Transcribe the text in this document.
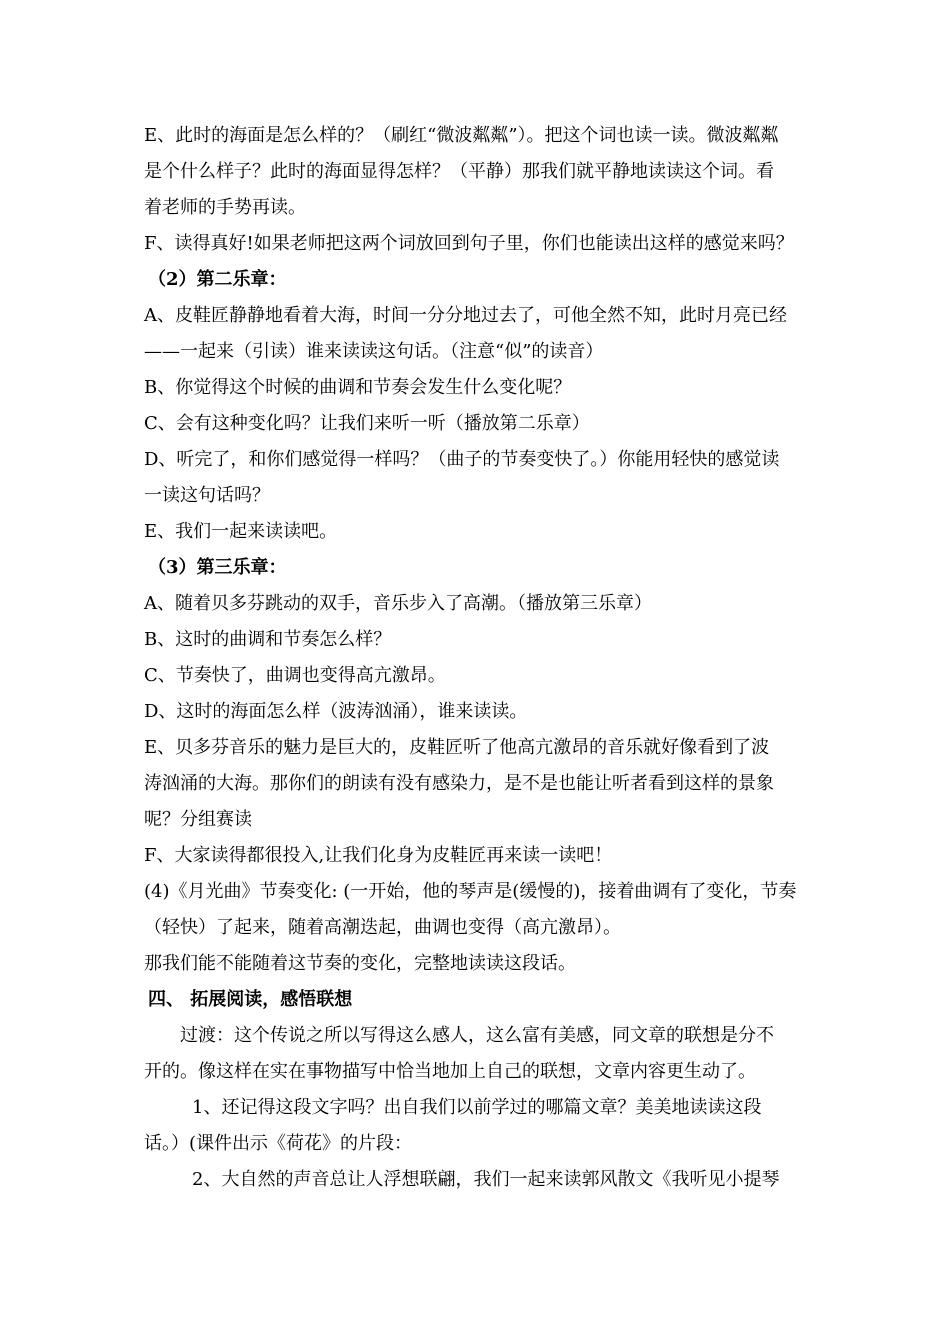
E、此时的海面是怎么样的？（刷红“微波粼粼”）。把这个词也读一读。微波粼粼

是个什么样子？此时的海面显得怎样？（平静）那我们就平静地读读这个词。看

着老师的手势再读。

F、读得真好!如果老师把这两个词放回到句子里，你们也能读出这样的感觉来吗？

（2）第二乐章：

A、皮鞋匠静静地看着大海，时间一分分地过去了，可他全然不知，此时月亮已经

——一起来（引读）谁来读读这句话。（注意“似”的读音）

B、你觉得这个时候的曲调和节奏会发生什么变化呢？

C、会有这种变化吗？让我们来听一听（播放第二乐章）

D、听完了，和你们感觉得一样吗？（曲子的节奏变快了。）你能用轻快的感觉读

一读这句话吗？

E、我们一起来读读吧。

（3）第三乐章：

A、随着贝多芬跳动的双手，音乐步入了高潮。（播放第三乐章）

B、这时的曲调和节奏怎么样？

C、节奏快了，曲调也变得高亢激昂。

D、这时的海面怎么样（波涛汹涌），谁来读读。

E、贝多芬音乐的魅力是巨大的，皮鞋匠听了他高亢激昂的音乐就好像看到了波

涛汹涌的大海。那你们的朗读有没有感染力，是不是也能让听者看到这样的景象

呢？分组赛读

F、大家读得都很投入,让我们化身为皮鞋匠再来读一读吧！

(4)《月光曲》节奏变化: (一开始，他的琴声是(缓慢的)，接着曲调有了变化，节奏

（轻快）了起来，随着高潮迭起，曲调也变得（高亢激昂）。

那我们能不能随着这节奏的变化，完整地读读这段话。

四、 拓展阅读，感悟联想

过渡：这个传说之所以写得这么感人，这么富有美感，同文章的联想是分不

开的。像这样在实在事物描写中恰当地加上自己的联想，文章内容更生动了。

1、还记得这段文字吗？出自我们以前学过的哪篇文章？美美地读读这段

话。）(课件出示《荷花》的片段：

2、大自然的声音总让人浮想联翩，我们一起来读郭风散文《我听见小提琴
